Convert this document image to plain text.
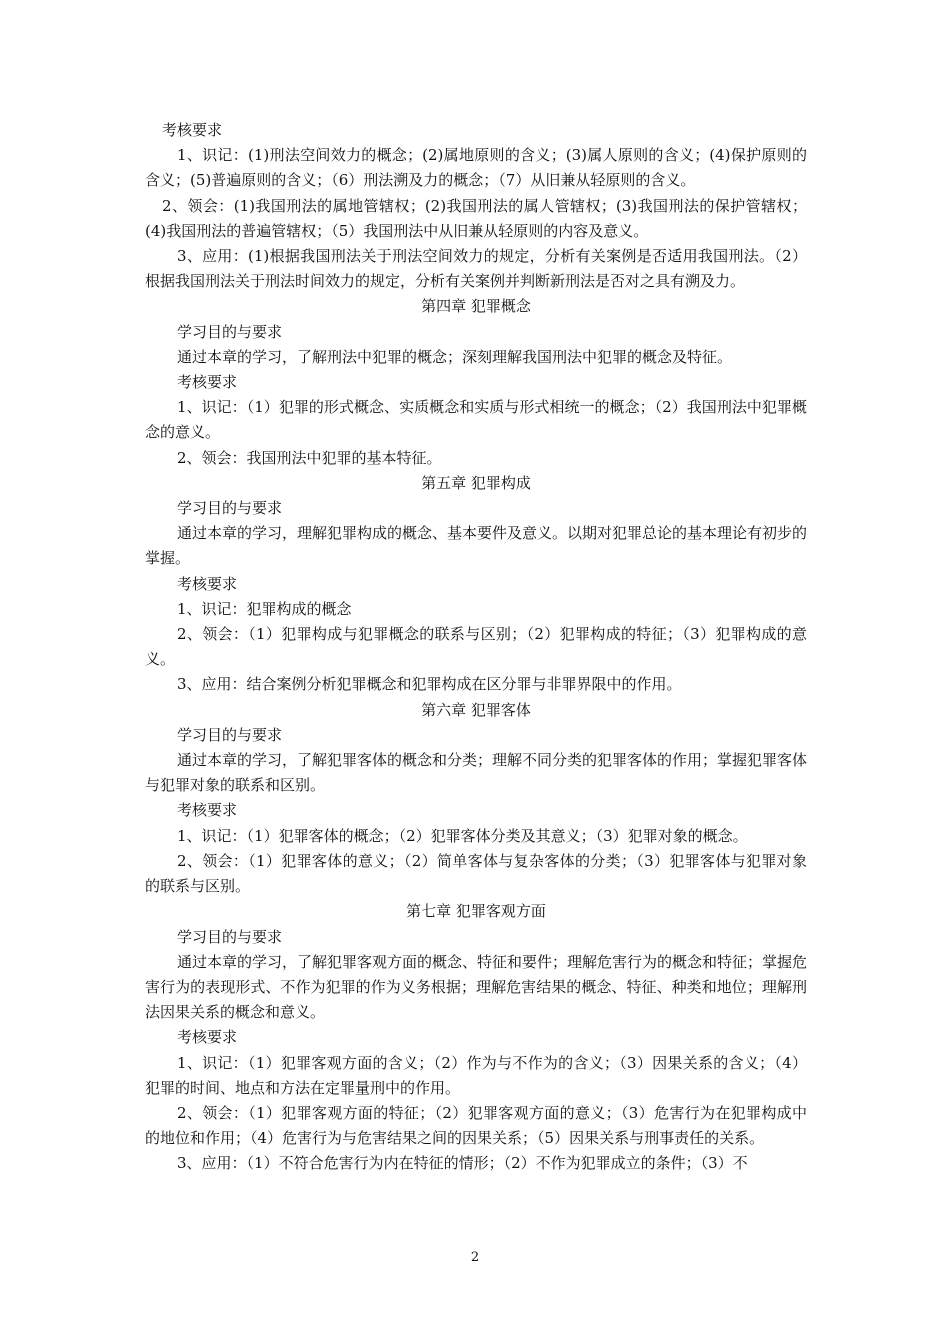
考核要求

1、识记：(1)刑法空间效力的概念；(2)属地原则的含义；(3)属人原则的含义；(4)保护原则的含义；(5)普遍原则的含义；（6）刑法溯及力的概念；（7）从旧兼从轻原则的含义。

2、领会：(1)我国刑法的属地管辖权；(2)我国刑法的属人管辖权；(3)我国刑法的保护管辖权；(4)我国刑法的普遍管辖权；（5）我国刑法中从旧兼从轻原则的内容及意义。

3、应用：(1)根据我国刑法关于刑法空间效力的规定，分析有关案例是否适用我国刑法。（2）根据我国刑法关于刑法时间效力的规定，分析有关案例并判断新刑法是否对之具有溯及力。

第四章 犯罪概念

学习目的与要求

通过本章的学习，了解刑法中犯罪的概念；深刻理解我国刑法中犯罪的概念及特征。

考核要求

1、识记：（1）犯罪的形式概念、实质概念和实质与形式相统一的概念；（2）我国刑法中犯罪概念的意义。

2、领会：我国刑法中犯罪的基本特征。

第五章 犯罪构成

学习目的与要求

通过本章的学习，理解犯罪构成的概念、基本要件及意义。以期对犯罪总论的基本理论有初步的掌握。

考核要求

1、识记：犯罪构成的概念

2、领会：（1）犯罪构成与犯罪概念的联系与区别；（2）犯罪构成的特征；（3）犯罪构成的意义。

3、应用：结合案例分析犯罪概念和犯罪构成在区分罪与非罪界限中的作用。

第六章 犯罪客体

学习目的与要求

通过本章的学习，了解犯罪客体的概念和分类；理解不同分类的犯罪客体的作用；掌握犯罪客体与犯罪对象的联系和区别。

考核要求

1、识记：（1）犯罪客体的概念；（2）犯罪客体分类及其意义；（3）犯罪对象的概念。

2、领会：（1）犯罪客体的意义；（2）简单客体与复杂客体的分类；（3）犯罪客体与犯罪对象的联系与区别。

第七章 犯罪客观方面

学习目的与要求

通过本章的学习，了解犯罪客观方面的概念、特征和要件；理解危害行为的概念和特征；掌握危害行为的表现形式、不作为犯罪的作为义务根据；理解危害结果的概念、特征、种类和地位；理解刑法因果关系的概念和意义。

考核要求

1、识记：（1）犯罪客观方面的含义；（2）作为与不作为的含义；（3）因果关系的含义；（4）犯罪的时间、地点和方法在定罪量刑中的作用。

2、领会：（1）犯罪客观方面的特征；（2）犯罪客观方面的意义；（3）危害行为在犯罪构成中的地位和作用；（4）危害行为与危害结果之间的因果关系；（5）因果关系与刑事责任的关系。

3、应用：（1）不符合危害行为内在特征的情形；（2）不作为犯罪成立的条件；（3）不

2
